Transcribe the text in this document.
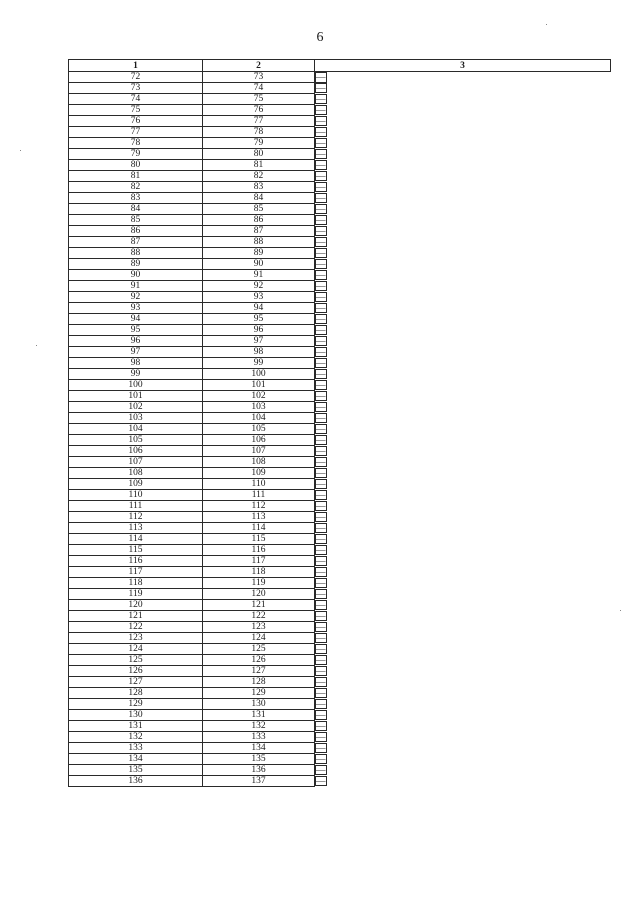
6
1	2	3
72	73		—
73	74		—
74	75		—
75	76		—
76	77		—
77	78		—
78	79		—
79	80		—
80	81		—
81	82		—
82	83		—
83	84		—
84	85		—
85	86		—
86	87		—
87	88		—
88	89		—
89	90		—
90	91		—
91	92		—
92	93		—
93	94		—
94	95		—
95	96		—
96	97		—
97	98		—
98	99		—
99	100		—
100	101		—
101	102		—
102	103		—
103	104		—
104	105		—
105	106		—
106	107		—
107	108		—
108	109		—
109	110		—
110	111		—
111	112		—
112	113		—
113	114		—
114	115		—
115	116		—
116	117		—
117	118		—
118	119		—
119	120		—
120	121		—
121	122		—
122	123		—
123	124		—
124	125		—
125	126		—
126	127		—
127	128		—
128	129		—
129	130		—
130	131		—
131	132		—
132	133		—
133	134		—
134	135		—
135	136		—
136	137		—
